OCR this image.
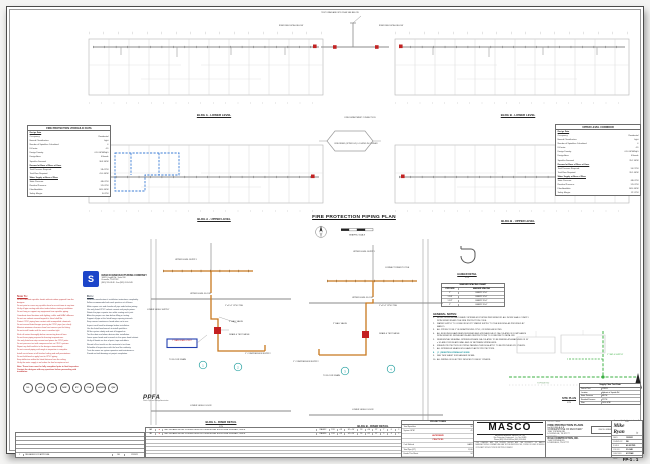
TEST DRAIN AND SITE PLAN SEE BELOW
RISER SEE DETAIL BELOW	RISER SEE DETAIL BELOW
BLDG A - LOWER LEVEL	BLDG B - LOWER LEVEL
FIRE DEPARTMENT CONNECTION
FIRE RISER (UPPER LVL) LOCATED IN CORNER
BLDG A - UPPER LEVEL	BLDG B - UPPER LEVEL
FIRE PROTECTION HYDRAULIC DATA
Design Data
Occupancy:	Residential
Hazard Classification:	Light
Number of Sprinklers Calculated:	4
K-Factor:	4.9
Design Density:	0.10 GPM/SqFt
Design Area:	4 Heads
Sprinkler Demand:	36.8 GPM
Demand at Base of Riser w/ Hose
Total Pressure Required:	58.4 PSI
Total Flow Required:	41.0 GPM
Water Supply at Base of Riser
Static Pressure:	68.0 PSI
Residual Pressure:	52.0 PSI
Flow Available:	1010 GPM
Safety Margin:	9.6 PSI
UPPER LEVEL CORRIDOR
Design Data
Occupancy:	Residential
Hazard Classification:	Light
Number of Sprinklers Calculated:	4
K-Factor:	4.9
Design Density:	0.10 GPM/SqFt
Design Area:	4 Heads
Sprinkler Demand:	35.2 GPM
Demand at Base of Riser w/ Hose
Total Pressure Required:	54.2 PSI
Total Flow Required:	39.5 GPM
Water Supply at Base of Riser
Static Pressure:	68.0 PSI
Residual Pressure:	52.0 PSI
Flow Available:	1010 GPM
Safety Margin:	12.1 PSI
FIRE PROTECTION PIPING PLAN
GRAPHIC SCALE
1	2
3	4
UPPER LEVEL SUPPLY
LOWER LEVEL SUPPLY
1"x1"x1" CPVC TEE
2" BALL VALVE
DRAIN & TEST VALVE
1" COMPRESSION SUPPLY
UPPER LEVEL FLOOR
LOWER LEVEL FLOOR
TO FLOOR DRAIN
1" MAIN DRAIN & TEST
UPPER LEVEL SUPPLY
CONNECT RISER TO TEE
1"x1"x1" CPVC TEE
2" BALL VALVE
DRAIN & TEST VALVE
1" COMPRESSION SUPPLY
UPPER LEVEL FLOOR
LOWER LEVEL FLOOR
TO FLOOR DRAIN
BLDG A - RISER DETAIL
HANGER DETAIL
NTS
HANGER SPACING CHART
PIPE SIZE	HANGER SPACING
1"	EVERY 12'-0"
1 1/4"	EVERY 12'-0"
1 1/2"	EVERY 15'-0"
2"	EVERY 15'-0"
GENERAL NOTES:
1.	MODIFY EXISTING AUTOMATIC SPRINKLER SYSTEM PER NFPA 13R. ALL WORK SHALL COMPLY WITH NFPA 13R AND THE FIRE PROTECTION CODE.
2.	WATER SUPPLY TO COME FROM CITY WATER SUPPLY TO THE BUILDING AS PROVIDED BY MASCO.
3.	ALL PIPING TO BE 1" ULFM APPROVED CPVC, OR SIZED AS NOTED.
4.	ALL BUILDINGS HAVE BEEN DESIGNED AND HYDRAULICALLY CALCULATED IN COMPLIANCE WITH NFPA 13R. INSTALLATION AND RESTRICTIONS TO CONFORM TO NFPA 13R.
5.	RESIDENTIAL SIDEWALL SPRINKLERS ARE CALCULATED TO BE SPACED AT A MAXIMUM OF 16' x 16' AND 8' FROM ANY WALL AND 16' BETWEEN SPRINKLERS.
6.	FREEZE PROTECTION OF PIPING PASSING THROUGH ATTIC TO BE PROVIDED BY OTHERS.
7.	ALL SPRINKLER HEADS WILL HAVE PLASTIC PROTECTORS.
8.	( 1 ) DENOTES HYDRAULIC NODE.
9.	SEE THIS SHEET FOR HANGER DETAIL.
10. ALL WIRING OF ELECTRIC DEVICES TO BE BY OTHERS.
TOPSIDE RD
1" TAP & SUPPLY
SITE PLAN
NTS
Supply Flow Test Data
Date of Test	12/8/21
Location	Hydrant at Topside Rd
Static Pressure	68 PSI
Residual Pressure	52 PSI
Flow	1010 GPM
S	MASCO MANUFACTURING COMPANY
10825 Cogdill Rd., Suite 200
Knoxville, TN 37932
(865) 555-0148 · Fax (865) 555-0149
Note To:
Do not substitute sprinkler heads without written approval from the designer.
Do not paint or cover any sprinkler head or escutcheon at any time.
Verify all pipe routing with other trades before starting installation.
Do not hang or support any equipment from sprinkler piping.
Coordinate head locations with lighting, soffits and HVAC diffusers.
Do not use solvent cement beyond its listed shelf life.
Protect CPVC piping from contact with incompatible chemicals.
Do not exceed listed hanger spacing for CPVC pipe (see chart).
Maintain minimum clearance from heat sources per the listing.
Do not install heads until the area is weather tight.
Flush all mains thoroughly before connecting branch lines.
Do not leave piping exposed to freezing temperatures.
Use only listed one-step cement and primer for CPVC joints.
Do not pressure test with compressed air on CPVC systems.
Report any field conflicts to the designer immediately.
Do not conceal piping until rough-in inspection is complete.
Install escutcheons at all finished ceiling and wall penetrations.
Do not field bend or apply heat to CPVC piping.
Keep deflectors within the listed distance from the ceiling.
Verify the water supply is on before the final acceptance test.
Note: These items must be fully completed prior to final inspection. Contact the designer with any questions before proceeding with installation.
Do's:
Read the manufacturer's installation instructions completely.
Follow recommended safe work practices at all times.
Make square cuts and chamfer all pipe ends before joining.
Use only listed CPVC solvent cement and purple primer.
Rotate the pipe a quarter turn while seating each joint.
Allow the proper cure time before filling or testing.
Support all pipe at the listed hanger spacing intervals.
Keep cement containers closed when not in use.
Inspect each head for damage before installation.
Use the listed head wrench to install sprinklers.
Fill the system slowly and vent all trapped air.
Test the drain and alarm devices after installation.
Leave spare heads and a wrench in the spare head cabinet.
Verify all heads are free of paint, tape and debris.
Record all test results on the contractor's test form.
Schedule all inspections with the local fire authority.
Train the owner on system operation and maintenance.
Provide as-built drawings at project completion.
UL	cUL	FM	NSF	ICC	CSA	IAPMO	QAI
PPFA
Plastic Pipe and Fittings Association
1	RELEASED FOR APPROVAL	DB	12/20/21
64	◄	'RA1' RELIABLE MODEL F1RES49 RES49 DRY RESIDENTIAL HORIZONTAL SIDEWALL, WHITE	RA0612	155°	4.9	16' x 16'	18	4.4	12'	7	6	2
30	◄	'RA2' RELIABLE MODEL F1RES49 RES49 DRY RESIDENTIAL HORIZONTAL SIDEWALL, WHITE	RA0616	155°	4.9	14' x 14'	16	4.1	12'	5	4	2
PROJECT DATA
Total Sprinklers	94
System GPM	41
ANTIFREEZE
PRACTICES
Calc Method	HASS
Total Pipe (FT)	1,180
Heads This Sheet	94
MASCO
Mechanical Automatic Sprinkler Co., Inc.
Fire Protection Contractors · Lic. No. 62489
Phone (865) 555-0148 Fax (865) 555-0149
THIS DRAWING AND THE DESIGN SHOWN ARE THE PROPERTY OF MASCO MANUFACTURING COMPANY AND MAY NOT BE REPRODUCED, COPIED OR USED IN WHOLE OR IN PART WITHOUT PRIOR WRITTEN CONSENT.
PROJECT NAME:
FIRE PROTECTION PLANS
for BLDNG A & B
CORNERSTONE OF RECOVERY
1130 TOPSIDE RD
LOUISVILLE, TN 37777
CUSTOMER:
RULE CONSTRUCTION, INC.
1146 TOPSIDE RD
LOUISVILLE, TN 37777
CHECK & GRADE
Tennessee Sprinkler Contractor License No. 62489
Mike Ryan	Lic. 16
DATE	12/20/21
DRAWN BY	DB
SCALE	AS NOTED
JOB NO.	21-0348
CHECKED	M. RYAN
SHEET	FP-1 . 1
